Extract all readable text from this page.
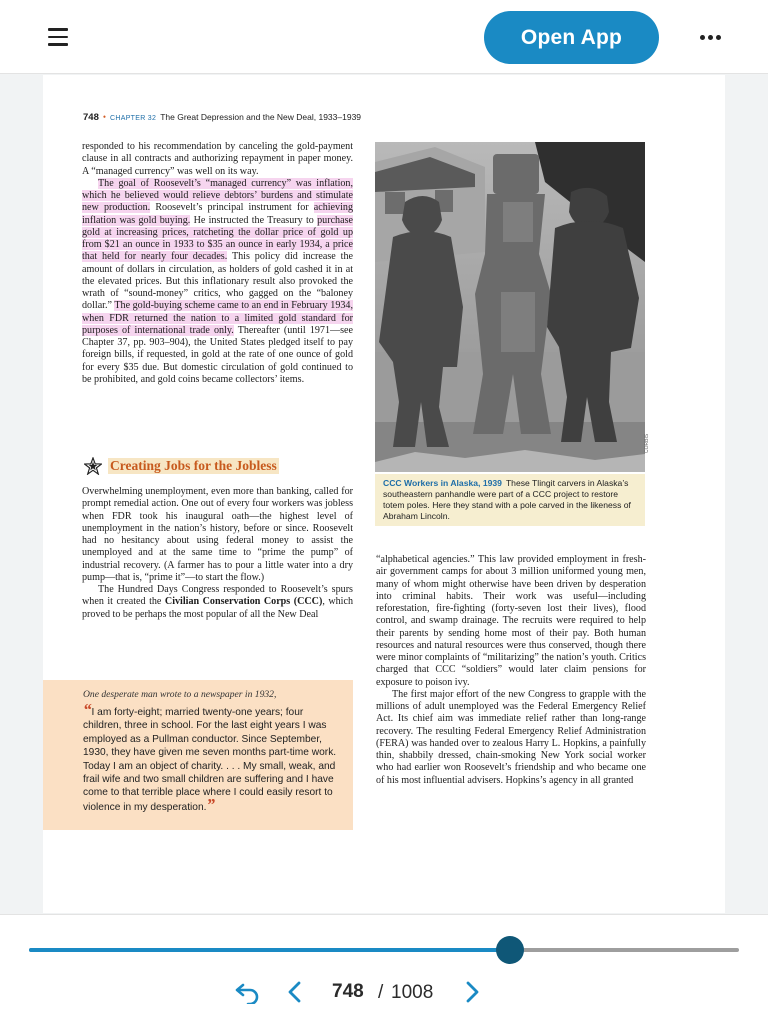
Open App
748 • CHAPTER 32 The Great Depression and the New Deal, 1933–1939

responded to his recommendation by canceling the gold-payment clause in all contracts and authorizing repayment in paper money. A “managed currency” was well on its way.

The goal of Roosevelt’s “managed currency” was inflation, which he believed would relieve debtors’ burdens and stimulate new production. Roosevelt’s principal instrument for achieving inflation was gold buying. He instructed the Treasury to purchase gold at increasing prices, ratcheting the dollar price of gold up from $21 an ounce in 1933 to $35 an ounce in early 1934, a price that held for nearly four decades. This policy did increase the amount of dollars in circulation, as holders of gold cashed it in at the elevated prices. But this inflationary result also provoked the wrath of “sound-money” critics, who gagged on the “baloney dollar.” The gold-buying scheme came to an end in February 1934, when FDR returned the nation to a limited gold standard for purposes of international trade only. Thereafter (until 1971—see Chapter 37, pp. 903–904), the United States pledged itself to pay foreign bills, if requested, in gold at the rate of one ounce of gold for every $35 due. But domestic circulation of gold continued to be prohibited, and gold coins became collectors’ items.

Creating Jobs for the Jobless

Overwhelming unemployment, even more than banking, called for prompt remedial action. One out of every four workers was jobless when FDR took his inaugural oath—the highest level of unemployment in the nation’s history, before or since. Roosevelt had no hesitancy about using federal money to assist the unemployed and at the same time to “prime the pump” of industrial recovery. (A farmer has to pour a little water into a dry pump—that is, “prime it”—to start the flow.)

The Hundred Days Congress responded to Roosevelt’s spurs when it created the Civilian Conservation Corps (CCC), which proved to be perhaps the most popular of all the New Deal

One desperate man wrote to a newspaper in 1932,
“I am forty-eight; married twenty-one years; four children, three in school. For the last eight years I was employed as a Pullman conductor. Since September, 1930, they have given me seven months part-time work. Today I am an object of charity. . . . My small, weak, and frail wife and two small children are suffering and I have come to that terrible place where I could easily resort to violence in my desperation.”
CORBIS
CCC Workers in Alaska, 1939 These Tlingit carvers in Alaska’s southeastern panhandle were part of a CCC project to restore totem poles. Here they stand with a pole carved in the likeness of Abraham Lincoln.

“alphabetical agencies.” This law provided employment in fresh-air government camps for about 3 million uniformed young men, many of whom might otherwise have been driven by desperation into criminal habits. Their work was useful—including reforestation, fire-fighting (forty-seven lost their lives), flood control, and swamp drainage. The recruits were required to help their parents by sending home most of their pay. Both human resources and natural resources were thus conserved, though there were minor complaints of “militarizing” the nation’s youth. Critics charged that CCC “soldiers” would later claim pensions for exposure to poison ivy.

The first major effort of the new Congress to grapple with the millions of adult unemployed was the Federal Emergency Relief Act. Its chief aim was immediate relief rather than long-range recovery. The resulting Federal Emergency Relief Administration (FERA) was handed over to zealous Harry L. Hopkins, a painfully thin, shabbily dressed, chain-smoking New York social worker who had earlier won Roosevelt’s friendship and who became one of his most influential advisers. Hopkins’s agency in all granted

748 / 1008
